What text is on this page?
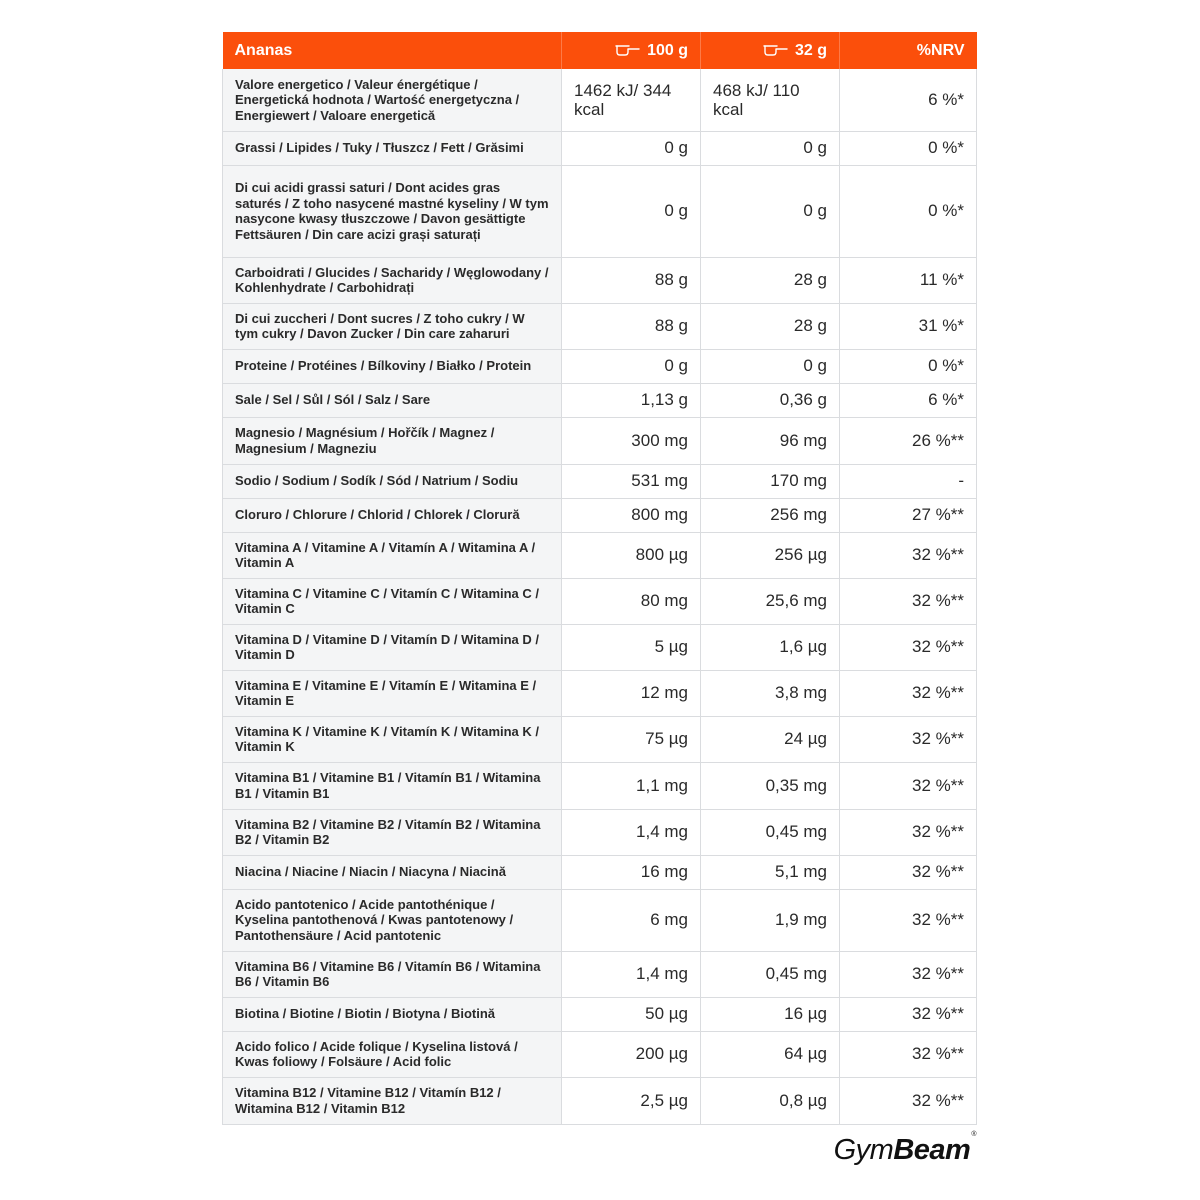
Ananas	100 g	32 g	%NRV
Valore energetico / Valeur énergétique / Energetická hodnota / Wartość energetyczna / Energiewert / Valoare energetică	1462 kJ/ 344 kcal	468 kJ/ 110 kcal	6 %*
Grassi / Lipides / Tuky / Tłuszcz / Fett / Grăsimi	0 g	0 g	0 %*
Di cui acidi grassi saturi / Dont acides gras saturés / Z toho nasycené mastné kyseliny / W tym nasycone kwasy tłuszczowe / Davon gesättigte Fettsäuren / Din care acizi grași saturați	0 g	0 g	0 %*
Carboidrati / Glucides / Sacharidy / Węglowodany / Kohlenhydrate / Carbohidrați	88 g	28 g	11 %*
Di cui zuccheri / Dont sucres / Z toho cukry / W tym cukry / Davon Zucker / Din care zaharuri	88 g	28 g	31 %*
Proteine / Protéines / Bílkoviny / Białko / Protein	0 g	0 g	0 %*
Sale / Sel / Sůl / Sól / Salz / Sare	1,13 g	0,36 g	6 %*
Magnesio / Magnésium / Hořčík / Magnez / Magnesium / Magneziu	300 mg	96 mg	26 %**
Sodio / Sodium / Sodík / Sód / Natrium / Sodiu	531 mg	170 mg	-
Cloruro / Chlorure / Chlorid / Chlorek / Clorură	800 mg	256 mg	27 %**
Vitamina A / Vitamine A / Vitamín A / Witamina A / Vitamin A	800 µg	256 µg	32 %**
Vitamina C / Vitamine C / Vitamín C / Witamina C / Vitamin C	80 mg	25,6 mg	32 %**
Vitamina D / Vitamine D / Vitamín D / Witamina D / Vitamin D	5 µg	1,6 µg	32 %**
Vitamina E / Vitamine E / Vitamín E / Witamina E / Vitamin E	12 mg	3,8 mg	32 %**
Vitamina K / Vitamine K / Vitamín K / Witamina K / Vitamin K	75 µg	24 µg	32 %**
Vitamina B1 / Vitamine B1 / Vitamín B1 / Witamina B1 / Vitamin B1	1,1 mg	0,35 mg	32 %**
Vitamina B2 / Vitamine B2 / Vitamín B2 / Witamina B2 / Vitamin B2	1,4 mg	0,45 mg	32 %**
Niacina / Niacine / Niacin / Niacyna / Niacină	16 mg	5,1 mg	32 %**
Acido pantotenico / Acide pantothénique / Kyselina pantothenová / Kwas pantotenowy / Pantothensäure / Acid pantotenic	6 mg	1,9 mg	32 %**
Vitamina B6 / Vitamine B6 / Vitamín B6 / Witamina B6 / Vitamin B6	1,4 mg	0,45 mg	32 %**
Biotina / Biotine / Biotin / Biotyna / Biotină	50 µg	16 µg	32 %**
Acido folico / Acide folique / Kyselina listová / Kwas foliowy / Folsäure / Acid folic	200 µg	64 µg	32 %**
Vitamina B12 / Vitamine B12 / Vitamín B12 / Witamina B12 / Vitamin B12	2,5 µg	0,8 µg	32 %**
GymBeam®
